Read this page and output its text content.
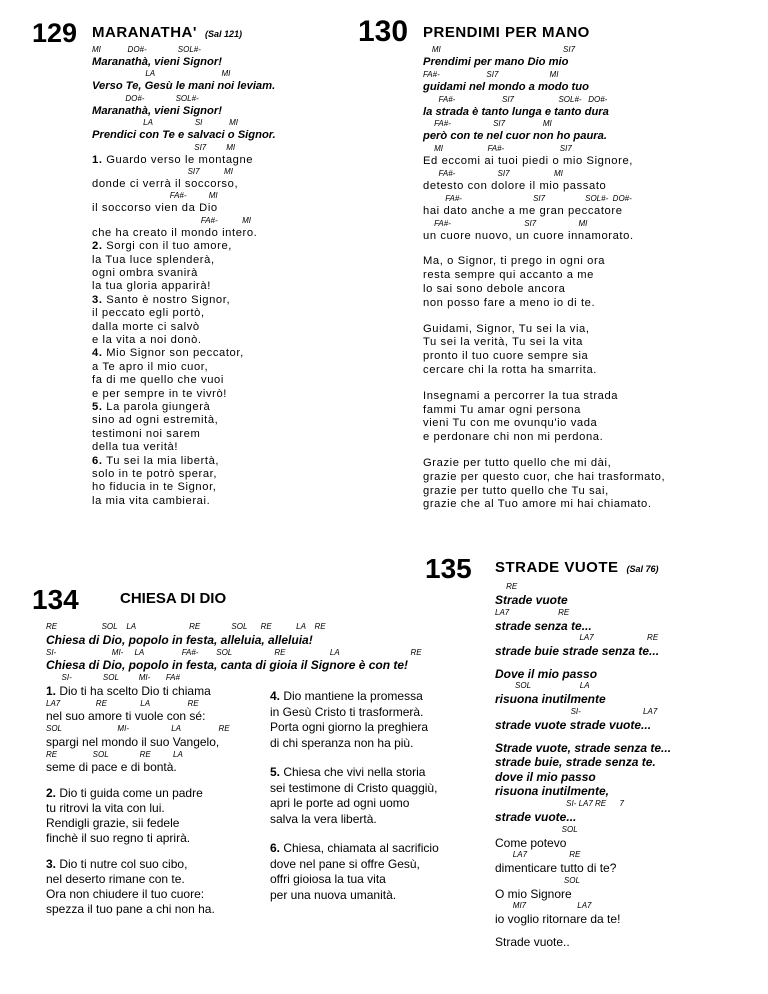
129 MARANATHA' (Sal 121)
MI            DO#-              SOL#-
Maranathà, vieni Signor!
LA                              MI
Verso Te, Gesù le mani noi leviam.
DO#-              SOL#-
Maranathà, vieni Signor!
LA                   SI            MI
Prendici con Te e salvaci o Signor.
SI7         MI
1. Guardo verso le montagne
SI7           MI
donde ci verrà il soccorso,
FA#-          MI
il soccorso vien da Dio
FA#-           MI
che ha creato il mondo intero.
2. Sorgi con il tuo amore,
la Tua luce splenderà,
ogni ombra svanirà
la tua gloria apparirà!
3. Santo è nostro Signor,
il peccato egli portò,
dalla morte ci salvò
e la vita a noi donò.
4. Mio Signor son peccator,
a Te apro il mio cuor,
fa di me quello che vuoi
e per sempre in te vivrò!
5. La parola giungerà
sino ad ogni estremità,
testimoni noi sarem
della tua verità!
6. Tu sei la mia libertà,
solo in te potrò sperar,
ho fiducia in te Signor,
la mia vita cambierai.
130 PRENDIMI PER MANO
MI                                                       SI7
Prendimi per mano Dio mio
FA#-                     SI7                       MI
guidami nel mondo a modo tuo
FA#-                     SI7                    SOL#-   DO#-
la strada è tanto lunga e tanto dura
FA#-                   SI7                 MI
però con te nel cuor non ho paura.
MI                    FA#-                         SI7
Ed eccomi ai tuoi piedi o mio Signore,
FA#-                   SI7                    MI
detesto con dolore il mio passato
FA#-                                SI7                  SOL#-  DO#-
hai dato anche a me gran peccatore
FA#-                                 SI7                   MI
un cuore nuovo, un cuore innamorato.
Ma, o Signor, ti prego in ogni ora
resta sempre qui accanto a me
lo sai sono debole ancora
non posso fare a meno io di te.
Guidami, Signor, Tu sei la via,
Tu sei la verità, Tu sei la vita
pronto il tuo cuore sempre sia
cercare chi la rotta ha smarrita.
Insegnami a percorrer la tua strada
fammi Tu amar ogni persona
vieni Tu con me ovunqu'io vada
e perdonare chi non mi perdona.
Grazie per tutto quello che mi dài,
grazie per questo cuor, che hai trasformato,
grazie per tutto quello che Tu sai,
grazie che al Tuo amore mi hai chiamato.
135 STRADE VUOTE (Sal 76)
RE
Strade vuote
LA7                      RE
strade senza te...
LA7                        RE
strade buie strade senza te...
Dove il mio passo
SOL                      LA
risuona inutilmente
SI-                            LA7
strade vuote strade vuote...
Strade vuote, strade senza te...
strade buie, strade senza te.
dove il mio passo
risuona inutilmente,
SI- LA7 RE      7
strade vuote...
SOL
Come potevo
LA7                   RE
dimenticare tutto di te?
SOL
O mio Signore
MI7                       LA7
io voglio ritornare da te!
Strade vuote..
134	CHIESA DI DIO
RE                    SOL    LA                        RE              SOL      RE           LA    RE
Chiesa di Dio, popolo in festa, alleluia, alleluia!
SI-                         MI-     LA                 FA#-        SOL                   RE                    LA                                RE
Chiesa di Dio, popolo in festa, canta di gioia il Signore è con te!
SI-              SOL         MI-       FA#
1. Dio ti ha scelto Dio ti chiama
LA7                RE               LA                 RE
nel suo amore ti vuole con sé:
SOL                         MI-                   LA                 RE
spargi nel mondo il suo Vangelo,
RE                SOL              RE          LA
seme di pace e di bontà.
2. Dio ti guida come un padre
tu ritrovi la vita con lui.
Rendigli grazie, sii fedele
finchè il suo regno ti aprirà.
3. Dio ti nutre col suo cibo,
nel deserto rimane con te.
Ora non chiudere il tuo cuore:
spezza il tuo pane a chi non ha.
4. Dio mantiene la promessa
in Gesù Cristo ti trasformerà.
Porta ogni giorno la preghiera
di chi speranza non ha più.
5. Chiesa che vivi nella storia
sei testimone di Cristo quaggiù,
apri le porte ad ogni uomo
salva la vera libertà.
6. Chiesa, chiamata al sacrificio
dove nel pane si offre Gesù,
offri gioiosa la tua vita
per una nuova umanità.
